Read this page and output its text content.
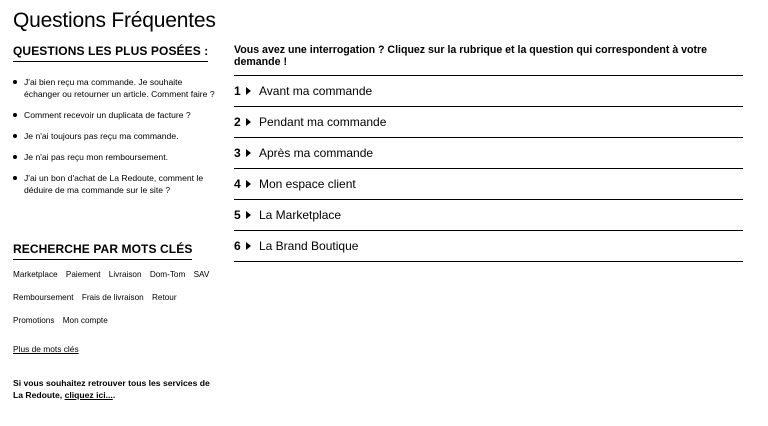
Questions Fréquentes
QUESTIONS LES PLUS POSÉES :
J'ai bien reçu ma commande. Je souhaite échanger ou retourner un article. Comment faire ?
Comment recevoir un duplicata de facture ?
Je n'ai toujours pas reçu ma commande.
Je n'ai pas reçu mon remboursement.
J'ai un bon d'achat de La Redoute, comment le déduire de ma commande sur le site ?
RECHERCHE PAR MOTS CLÉS
Marketplace Paiement Livraison Dom-Tom SAV
Remboursement Frais de livraison Retour
Promotions Mon compte
Plus de mots clés
Si vous souhaitez retrouver tous les services de La Redoute, cliquez ici....

Vous avez une interrogation ? Cliquez sur la rubrique et la question qui correspondent à votre demande !

1	Avant ma commande
2	Pendant ma commande
3	Après ma commande
4	Mon espace client
5	La Marketplace
6	La Brand Boutique
